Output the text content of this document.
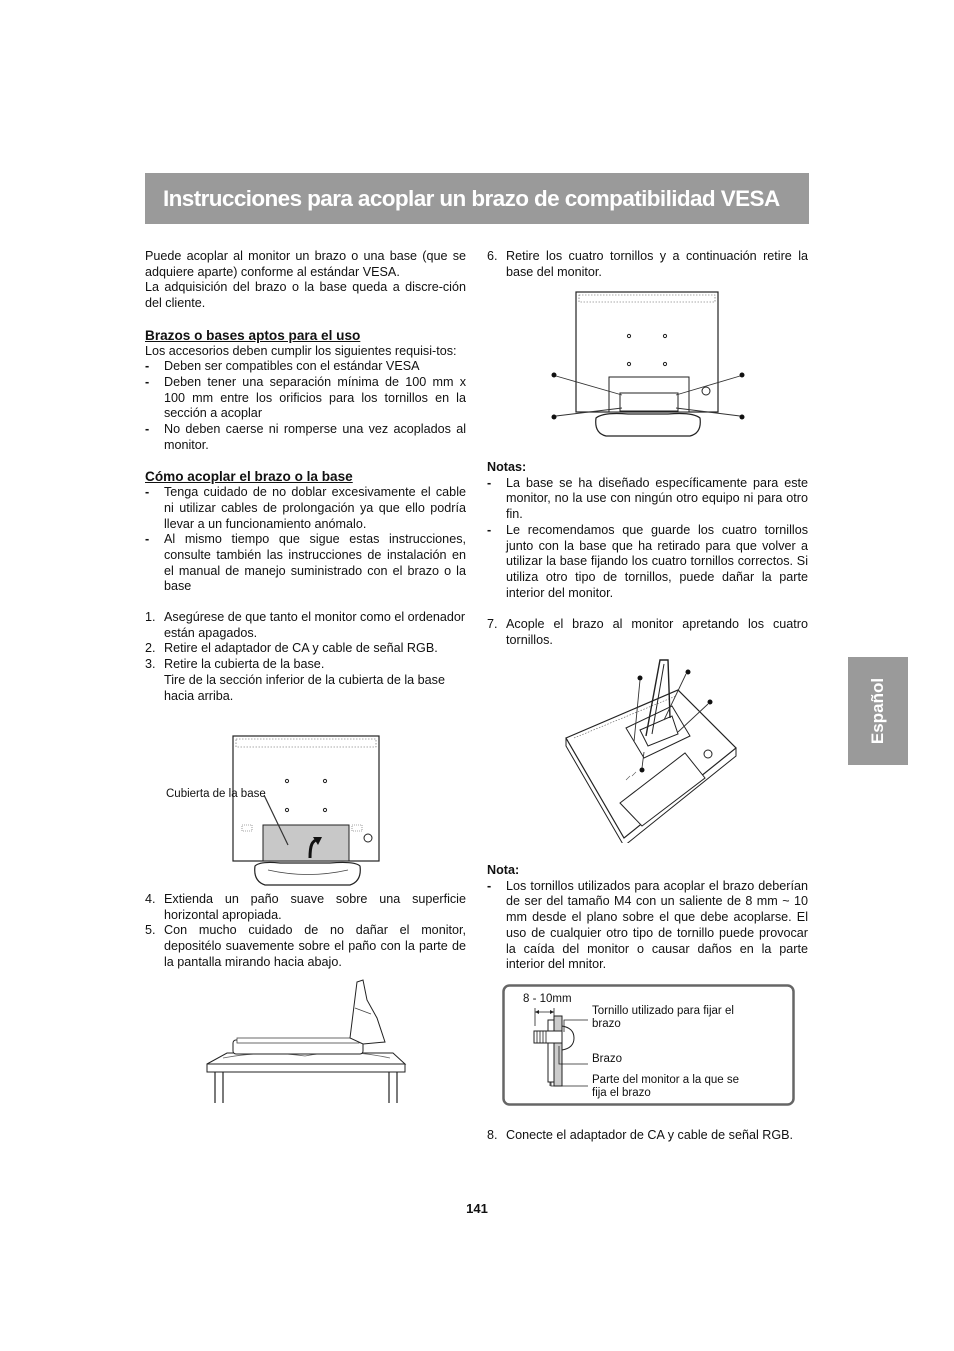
Instrucciones para acoplar un brazo de compatibilidad VESA
Español

Puede acoplar al monitor un brazo o una base (que se adquiere aparte) conforme al estándar VESA.

La adquisición del brazo o la base queda a discre-ción del cliente.

Brazos o bases aptos para el uso

Los accesorios deben cumplir los siguientes requisi-tos:

- Deben ser compatibles con el estándar VESA
- Deben tener una separación mínima de 100 mm x 100 mm entre los orificios para los tornillos en la sección a acoplar
- No deben caerse ni romperse una vez acoplados al monitor.

Cómo acoplar el brazo o la base

- Tenga cuidado de no doblar excesivamente el cable ni utilizar cables de prolongación ya que ello podría llevar a un funcionamiento anómalo.
- Al mismo tiempo que sigue estas instrucciones, consulte también las instrucciones de instalación en el manual de manejo suministrado con el brazo o la base
1. Asegúrese de que tanto el monitor como el ordenador están apagados.
2. Retire el adaptador de CA y cable de señal RGB.
3. Retire la cubierta de la base.
Tire de la sección inferior de la cubierta de la base hacia arriba.
Cubierta de la base
4. Extienda un paño suave sobre una superficie horizontal apropiada.
5. Con mucho cuidado de no dañar el monitor, depositélo suavemente sobre el paño con la parte de la pantalla mirando hacia abajo.
6. Retire los cuatro tornillos y a continuación retire la base del monitor.

Notas:

- La base se ha diseñado específicamente para este monitor, no la use con ningún otro equipo ni para otro fin.
- Le recomendamos que guarde los cuatro tornillos junto con la base que ha retirado para que volver a utilizar la base fijando los cuatro tornillos correctos. Si utiliza otro tipo de tornillos, puede dañar la parte interior del monitor.
7. Acople el brazo al monitor apretando los cuatro tornillos.

Nota:

- Los tornillos utilizados para acoplar el brazo deberían de ser del tamaño M4 con un saliente de 8 mm ~ 10 mm desde el plano sobre el que debe acoplarse. El uso de cualquier otro tipo de tornillo puede provocar la caída del monitor o causar daños en la parte interior del mnitor.
8 - 10mm
Tornillo utilizado para fijar el brazo
Brazo
Parte del monitor a la que se fija el brazo
8. Conecte el adaptador de CA y cable de señal RGB.
141
